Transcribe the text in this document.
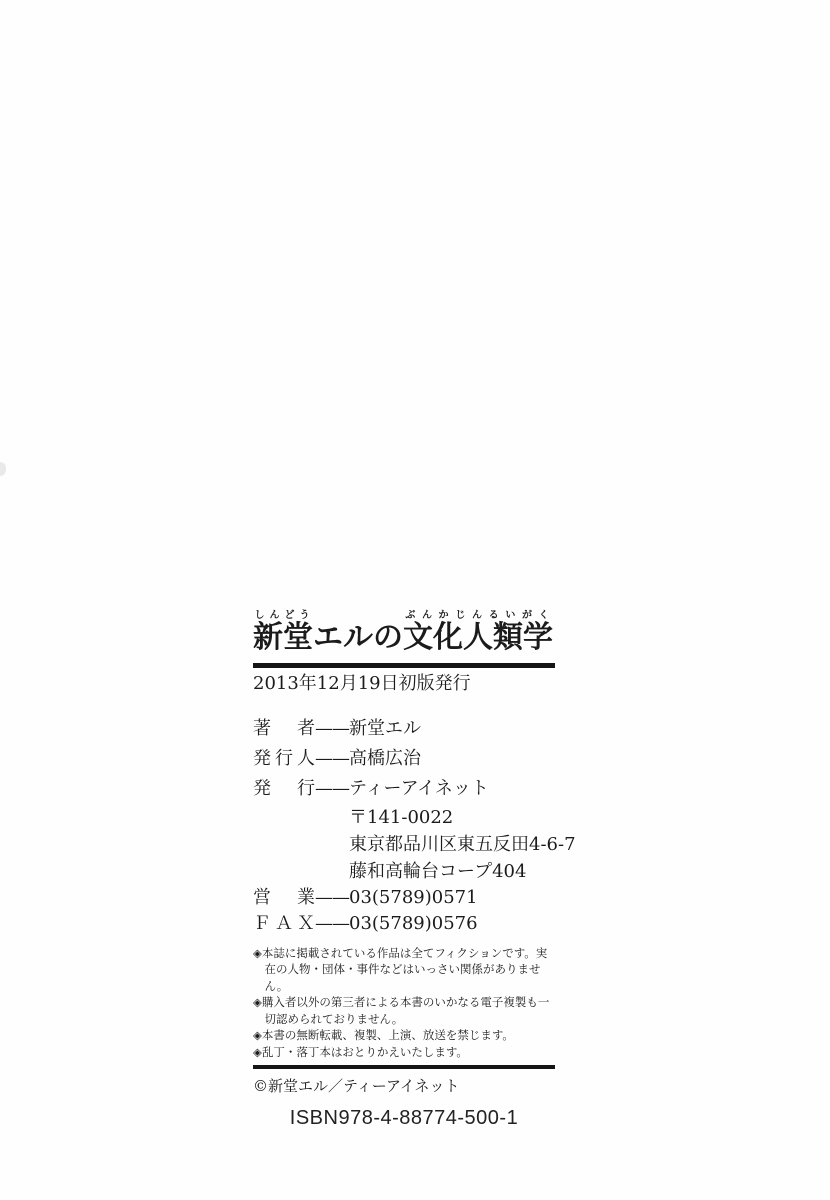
新堂しんどうエルの文化人類学ぶんかじんるいがく
2013年12月19日初版発行
著　者 —— 新堂エル
発行人 —— 高橋広治
発　行 —— ティーアイネット
〒141-0022
東京都品川区東五反田4-6-7
藤和高輪台コープ404
営　業 —— 03(5789)0571
ＦＡＸ —— 03(5789)0576
◈本誌に掲載されている作品は全てフィクションです。実在の人物・団体・事件などはいっさい関係がありません。
◈購入者以外の第三者による本書のいかなる電子複製も一切認められておりません。
◈本書の無断転載、複製、上演、放送を禁じます。
◈乱丁・落丁本はおとりかえいたします。
©新堂エル／ティーアイネット
ISBN978-4-88774-500-1
